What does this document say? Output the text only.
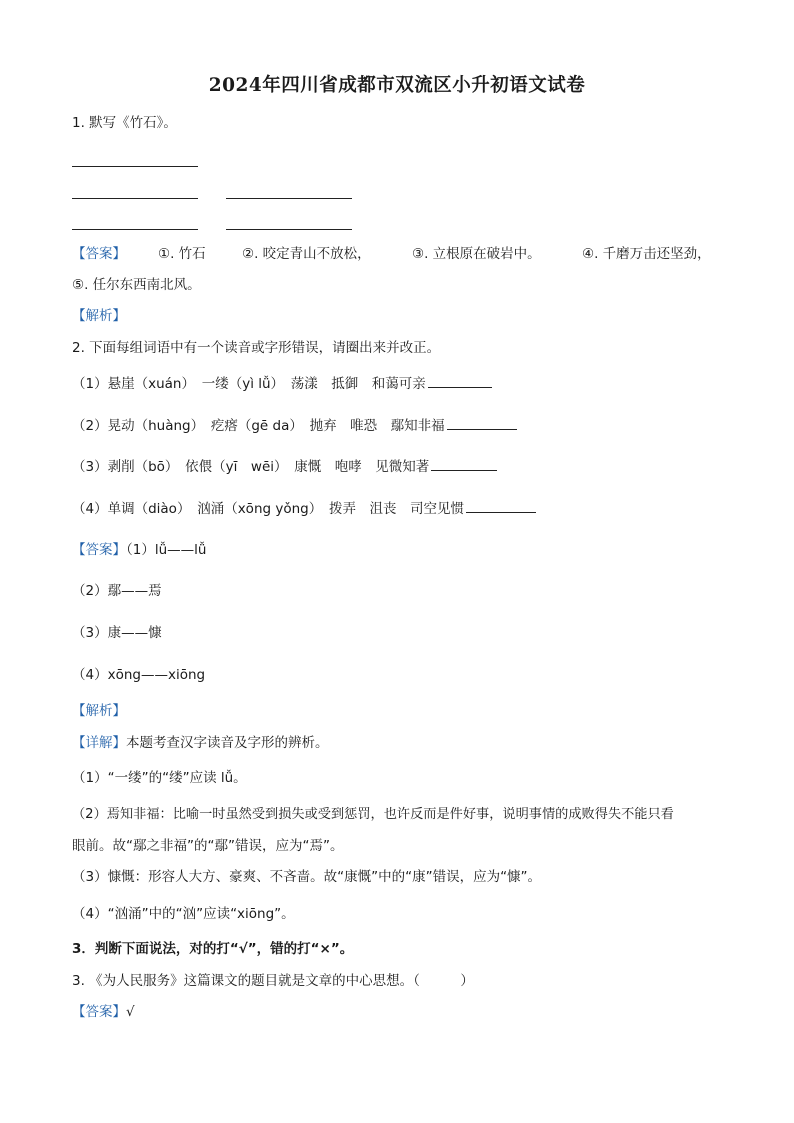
2024年四川省成都市双流区小升初语文试卷
1. 默写《竹石》。
【答案】 ①. 竹石	②. 咬定青山不放松，	③. 立根原在破岩中。	④. 千磨万击还坚劲，
⑤. 任尔东西南北风。
【解析】
2. 下面每组词语中有一个读音或字形错误，请圈出来并改正。
（1）悬崖（xuán）　一缕（yì lǚ）　荡漾　抵御　和蔼可亲
（2）晃动（huàng）　疙瘩（gē da）　抛弃　唯恐　鄢知非福
（3）剥削（bō）　依偎（yī　wēi）　康慨　咆哮　见微知著
（4）单调（diào）　汹涌（xōng yǒng）　拨弄　沮丧　司空见惯
【答案】（1）lǚ——lǚ
（2）鄢——焉
（3）康——慷
（4）xōng——xiōng
【解析】
【详解】本题考查汉字读音及字形的辨析。
（1）“一缕”的“缕”应读 lǚ。
（2）焉知非福：比喻一时虽然受到损失或受到惩罚，也许反而是件好事，说明事情的成败得失不能只看
眼前。故“鄢之非福”的“鄢”错误，应为“焉”。
（3）慷慨：形容人大方、豪爽、不吝啬。故“康慨”中的“康”错误，应为“慷”。
（4）“汹涌”中的“汹”应读“xiōng”。
3．判断下面说法，对的打“√”，错的打“×”。
3. 《为人民服务》这篇课文的题目就是文章的中心思想。（　　　）
【答案】√
